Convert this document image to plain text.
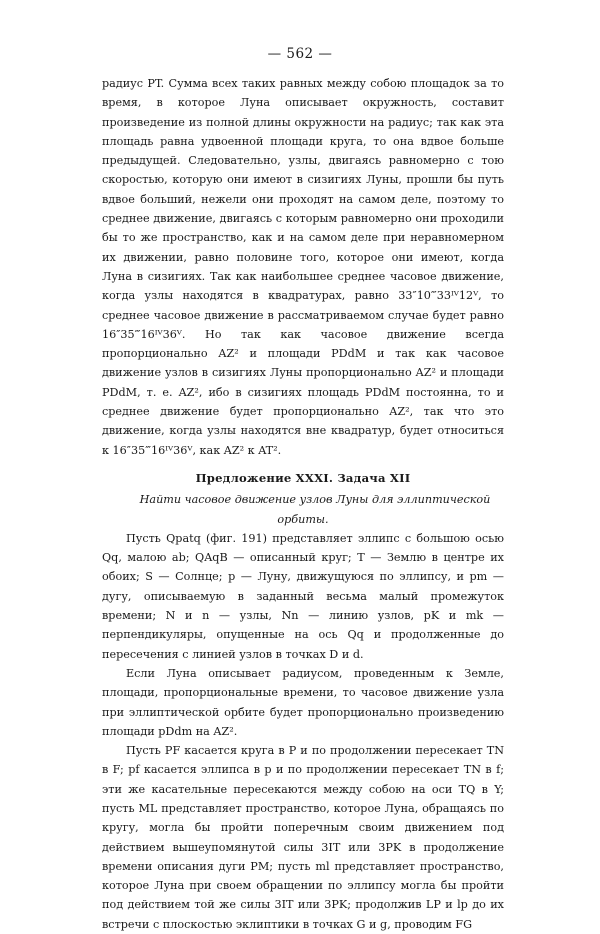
— 562 —

радиус PT. Сумма всех таких равных между собою площадок за то время, в которое Луна описывает окружность, составит произведение из полной длины окружности на радиус; так как эта площадь равна удвоенной площади круга, то она вдвое больше предыдущей. Следовательно, узлы, двигаясь равномерно с тою скоростью, которую они имеют в сизигиях Луны, прошли бы путь вдвое больший, нежели они проходят на самом деле, поэтому то среднее движение, двигаясь с которым равномерно они проходили бы то же пространство, как и на самом деле при неравномерном их движении, равно половине того, которое они имеют, когда Луна в сизигиях. Так как наибольшее среднее часовое движение, когда узлы находятся в квадратурах, равно 33″10‴33ᴵⱽ12ⱽ, то среднее часовое движение в рассматриваемом случае будет равно 16″35‴16ᴵⱽ36ⱽ. Но так как часовое движение всегда пропорционально AZ² и площади PDdM и так как часовое движение узлов в сизигиях Луны пропорционально AZ² и площади PDdM, т. е. AZ², ибо в сизигиях площадь PDdM постоянна, то и среднее движение будет пропорционально AZ², так что это движение, когда узлы находятся вне квадратур, будет относиться к 16″35‴16ᴵⱽ36ⱽ, как AZ² к AT².

Предложение XXXI. Задача XII

Найти часовое движение узлов Луны для эллиптической орбиты.

Пусть Qpatq (фиг. 191) представляет эллипс с большою осью Qq, малою ab; QAqB — описанный круг; T — Землю в центре их обоих; S — Солнце; p — Луну, движущуюся по эллипсу, и pm — дугу, описываемую в заданный весьма малый промежуток времени; N и n — узлы, Nn — линию узлов, pK и mk — перпендикуляры, опущенные на ось Qq и продолженные до пересечения с линией узлов в точках D и d.

Если Луна описывает радиусом, проведенным к Земле, площади, пропорциональные времени, то часовое движение узла при эллиптической орбите будет пропорционально произведению площади pDdm на AZ².

Пусть PF касается круга в P и по продолжении пересекает TN в F; pf касается эллипса в p и по продолжении пересекает TN в f; эти же касательные пересекаются между собою на оси TQ в Y; пусть ML представляет пространство, которое Луна, обращаясь по кругу, могла бы пройти поперечным своим движением под действием вышеупомянутой силы 3IT или 3PK в продолжение времени описания дуги PM; пусть ml представляет пространство, которое Луна при своем обращении по эллипсу могла бы пройти под действием той же силы 3IT или 3PK; продолжив LP и lp до их встречи с плоскостью эклиптики в точках G и g, проводим FG
